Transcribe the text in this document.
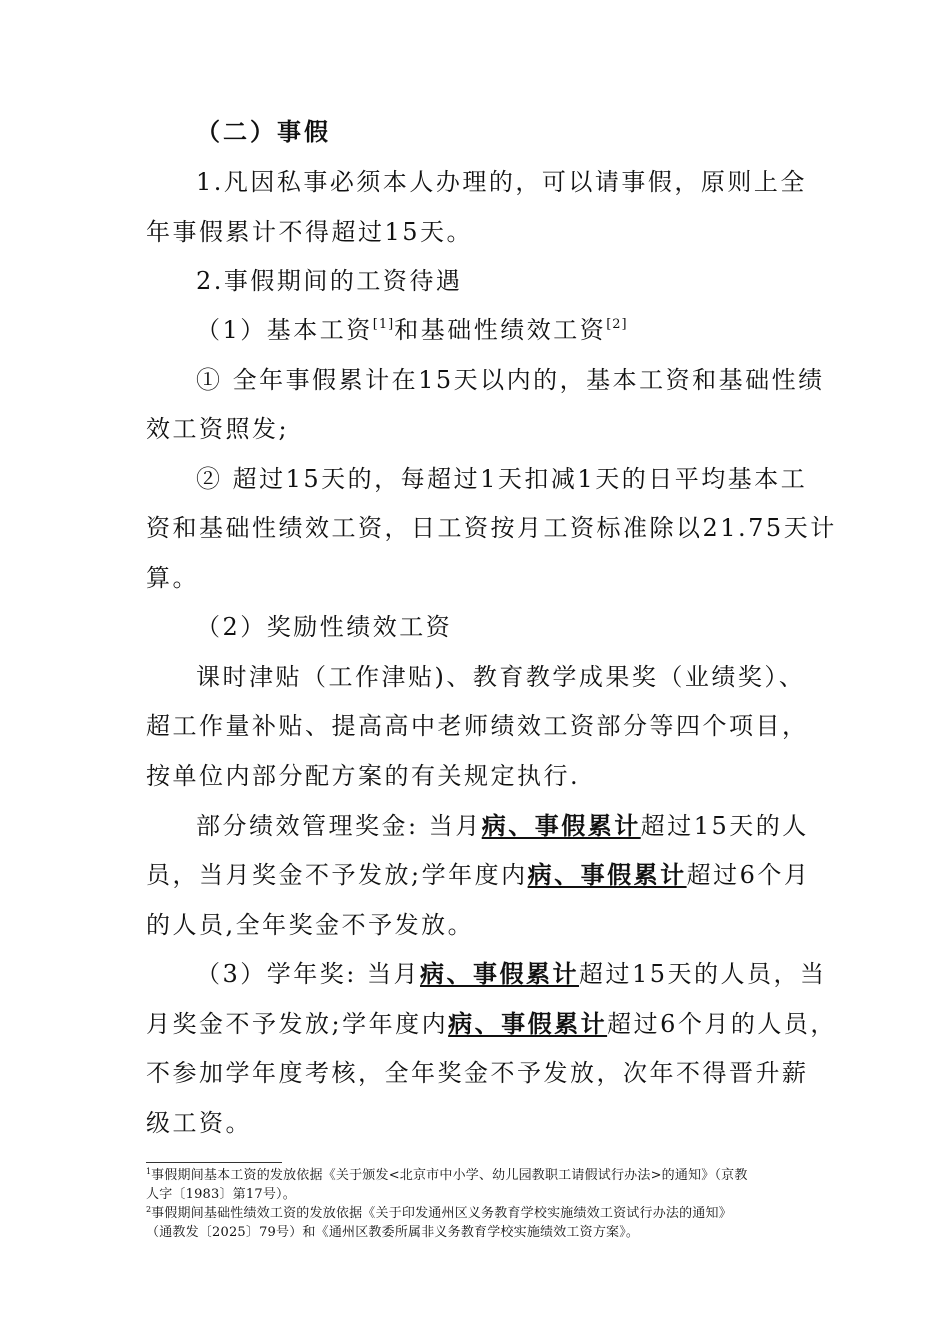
（二）事假
1.凡因私事必须本人办理的，可以请事假，原则上全
年事假累计不得超过15天。
2.事假期间的工资待遇
（1）基本工资[1]和基础性绩效工资[2]
① 全年事假累计在15天以内的，基本工资和基础性绩
效工资照发;
② 超过15天的，每超过1天扣减1天的日平均基本工
资和基础性绩效工资，日工资按月工资标准除以21.75天计
算。
（2）奖励性绩效工资
课时津贴（工作津贴)、教育教学成果奖（业绩奖）、
超工作量补贴、提高高中老师绩效工资部分等四个项目，
按单位内部分配方案的有关规定执行.
部分绩效管理奖金: 当月病、事假累计超过15天的人
员，当月奖金不予发放;学年度内病、事假累计超过6个月
的人员,全年奖金不予发放。
（3）学年奖: 当月病、事假累计超过15天的人员，当
月奖金不予发放;学年度内病、事假累计超过6个月的人员，
不参加学年度考核，全年奖金不予发放，次年不得晋升薪
级工资。
$^1$事假期间基本工资的发放依据《关于颁发<北京市中小学、幼儿园教职工请假试行办法>的通知》（京教
人字〔1983〕第17号）。
$^2$事假期间基础性绩效工资的发放依据《关于印发通州区义务教育学校实施绩效工资试行办法的通知》
（通教发〔2025〕79号）和《通州区教委所属非义务教育学校实施绩效工资方案》。
